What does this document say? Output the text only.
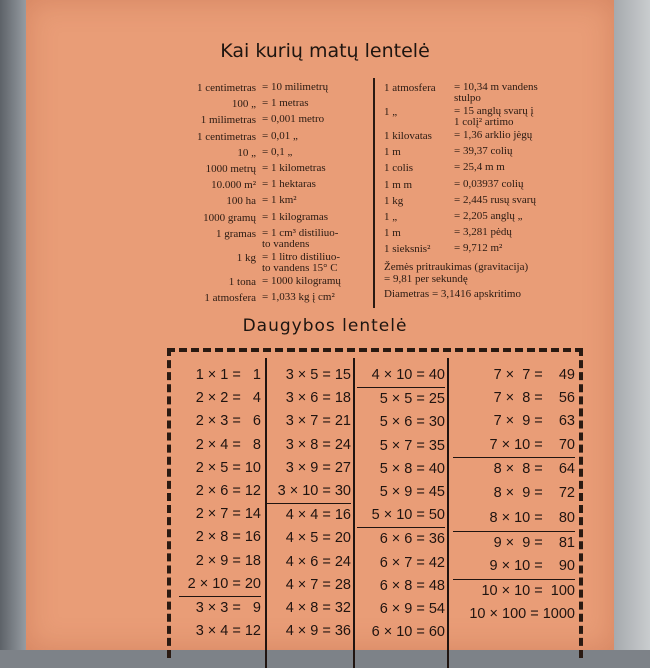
Kai kurių matų lentelė
1 centimetras = 10 milimetrų
100 „ = 1 metras
1 milimetras = 0,001 metro
1 centimetras = 0,01 „
10 „ = 0,1 „
1000 metrų = 1 kilometras
10.000 m² = 1 hektaras
100 ha = 1 km²
1000 gramų = 1 kilogramas
1 gramas = 1 cm³ distiliuo-
to vandens
1 kg = 1 litro distiliuo-
to vandens 15° C
1 tona = 1000 kilogramų
1 atmosfera = 1,033 kg į cm²
1 atmosfera	= 10,34 m vandens
stulpo
1 „	= 15 anglų svarų į
1 colį² artimo
1 kilovatas	= 1,36 arklio jėgų
1 m	= 39,37 colių
1 colis	= 25,4 m m
1 m m	= 0,03937 colių
1 kg	= 2,445 rusų svarų
1 „	= 2,205 anglų „
1 m	= 3,281 pėdų
1 sieksnis²	= 9,712 m²
Žemės pritraukimas (gravitacija)
= 9,81 per sekundę
Diametras = 3,1416 apskritimo
Daugybos lentelė
1 × 1 =   1
2 × 2 =   4
2 × 3 =   6
2 × 4 =   8
2 × 5 = 10
2 × 6 = 12
2 × 7 = 14
2 × 8 = 16
2 × 9 = 18
2 × 10 = 20
3 × 3 =   9
3 × 4 = 12
3 × 5 = 15
3 × 6 = 18
3 × 7 = 21
3 × 8 = 24
3 × 9 = 27
3 × 10 = 30
4 × 4 = 16
4 × 5 = 20
4 × 6 = 24
4 × 7 = 28
4 × 8 = 32
4 × 9 = 36
4 × 10 = 40
5 × 5 = 25
5 × 6 = 30
5 × 7 = 35
5 × 8 = 40
5 × 9 = 45
5 × 10 = 50
6 × 6 = 36
6 × 7 = 42
6 × 8 = 48
6 × 9 = 54
6 × 10 = 60
7 ×  7 =    49
7 ×  8 =    56
7 ×  9 =    63
7 × 10 =    70
8 ×  8 =    64
8 ×  9 =    72
8 × 10 =    80
9 ×  9 =    81
9 × 10 =    90
10 × 10 =  100
10 × 100 = 1000
